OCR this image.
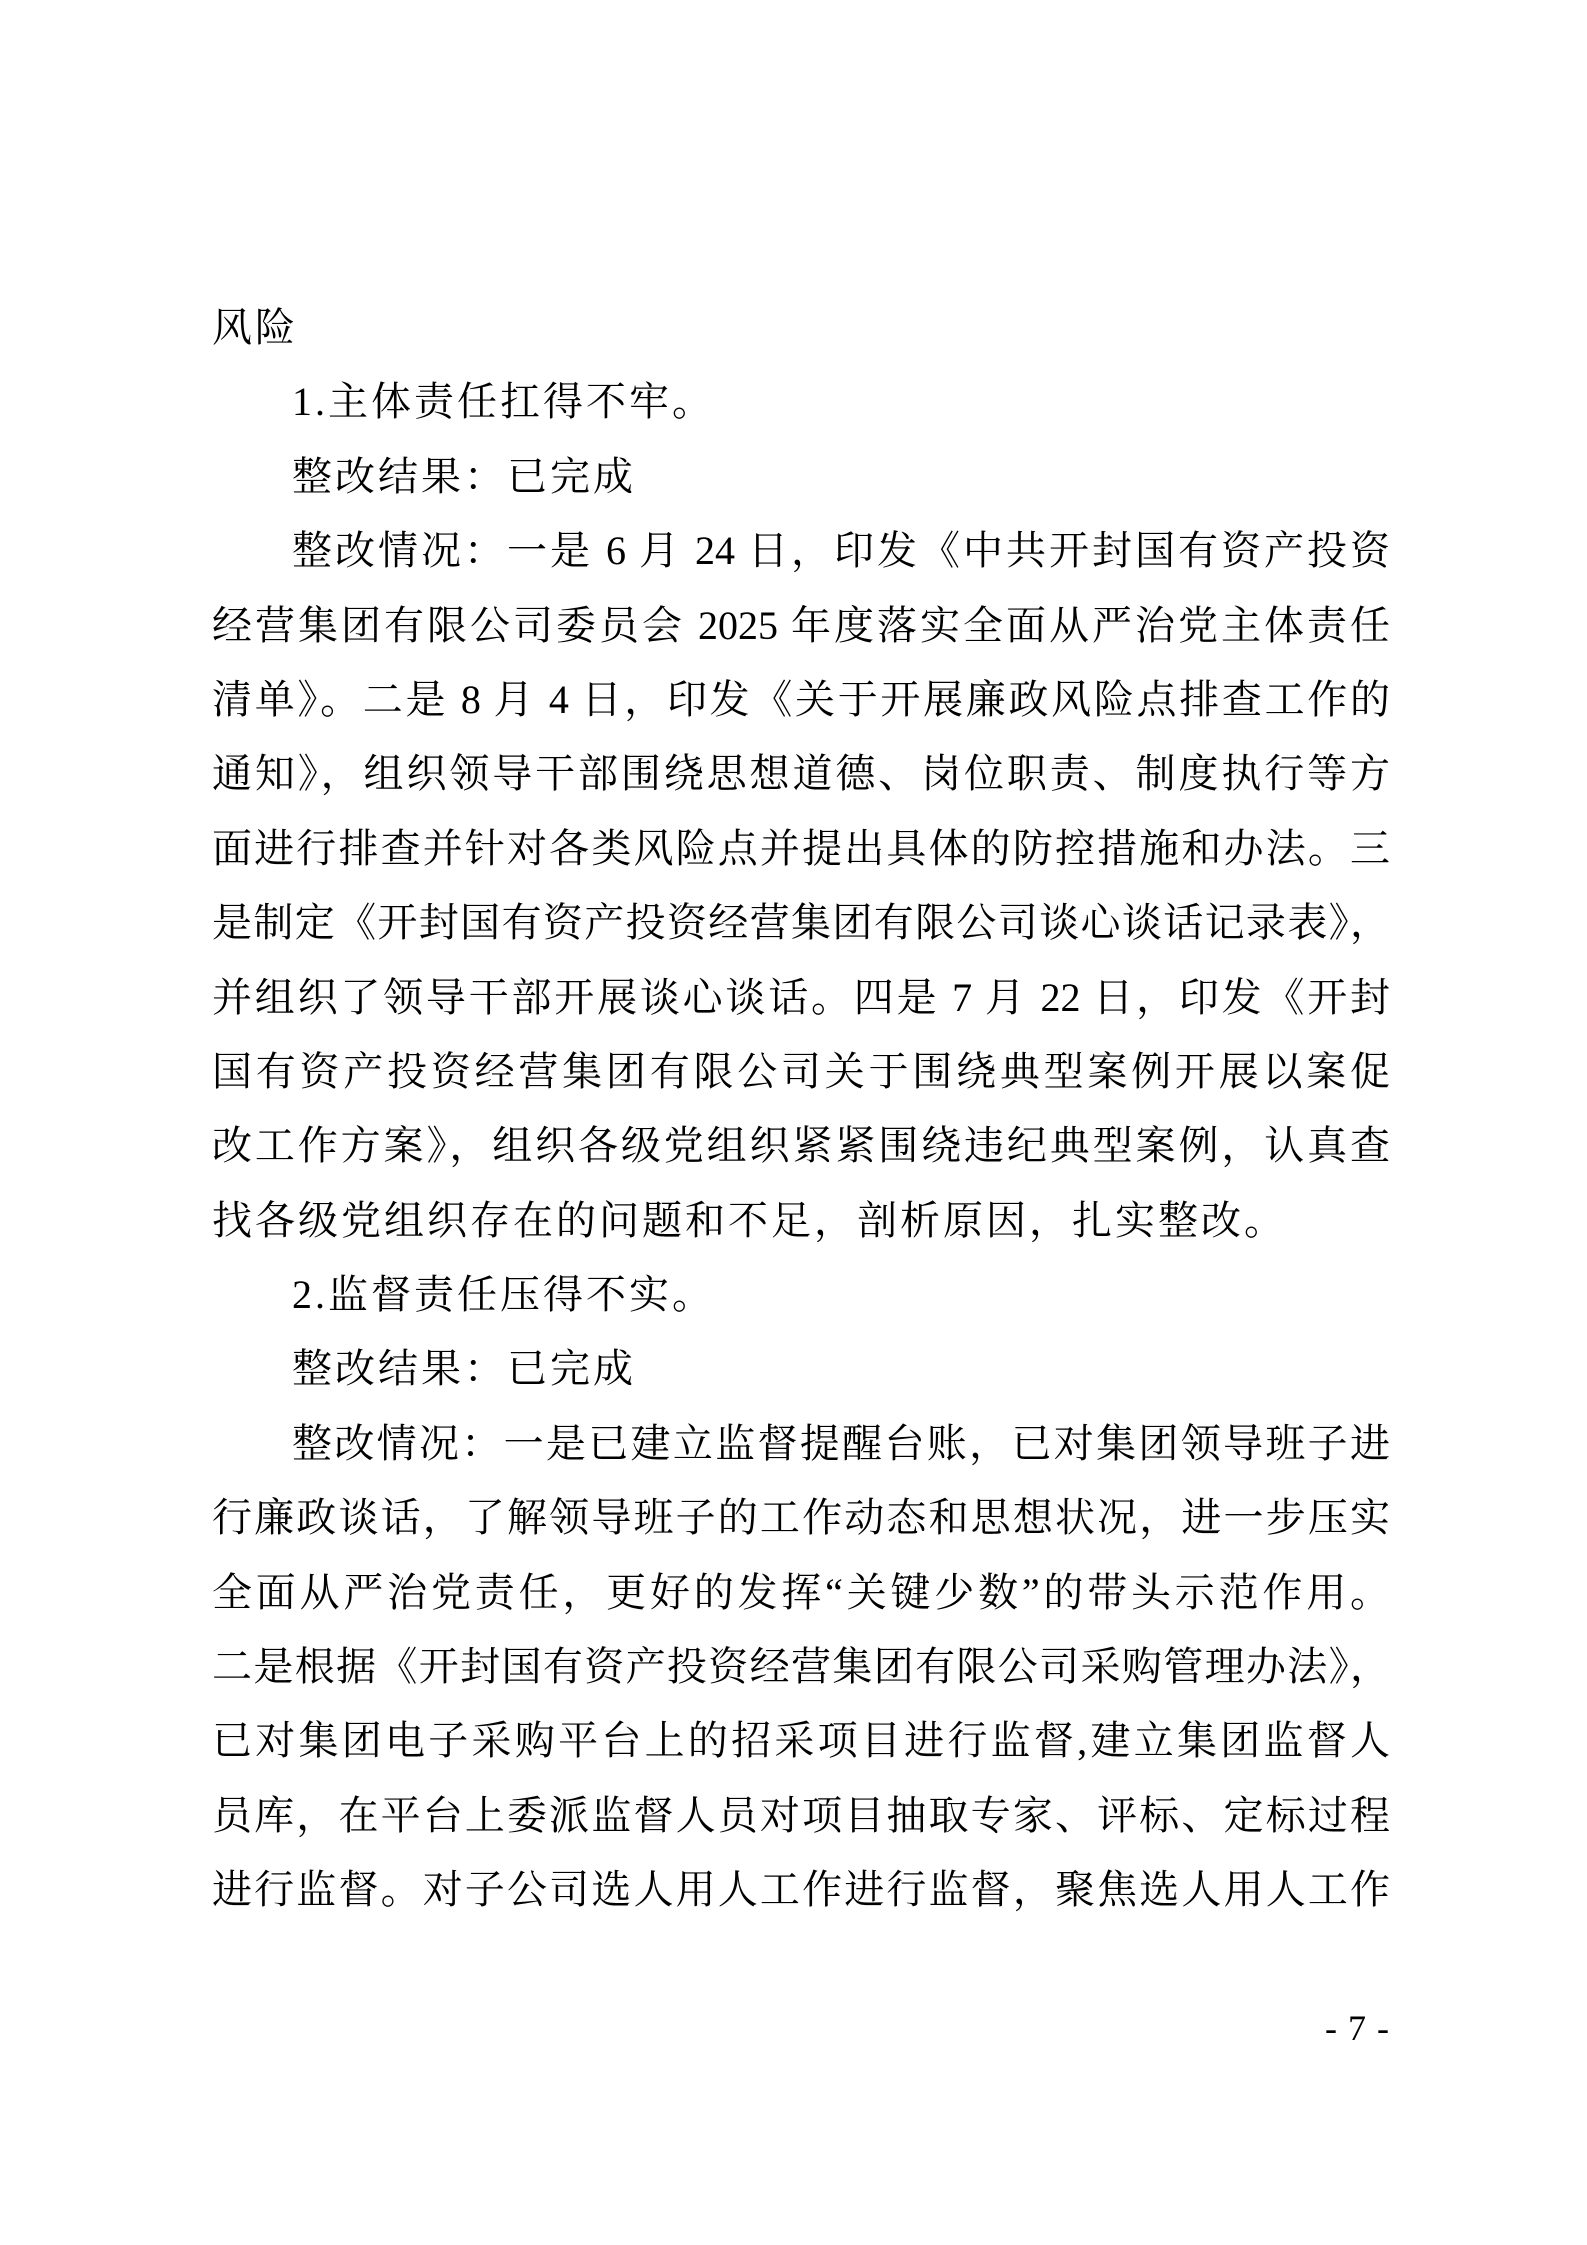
风险
1.主体责任扛得不牢。
整改结果：已完成
整改情况：一是 6 月 24 日，印发《中共开封国有资产投资
经营集团有限公司委员会 2025 年度落实全面从严治党主体责任
清单》。二是 8 月 4 日，印发《关于开展廉政风险点排查工作的
通知》，组织领导干部围绕思想道德、岗位职责、制度执行等方
面进行排查并针对各类风险点并提出具体的防控措施和办法。三
是制定《开封国有资产投资经营集团有限公司谈心谈话记录表》，
并组织了领导干部开展谈心谈话。四是 7 月 22 日，印发《开封
国有资产投资经营集团有限公司关于围绕典型案例开展以案促
改工作方案》，组织各级党组织紧紧围绕违纪典型案例，认真查
找各级党组织存在的问题和不足，剖析原因，扎实整改。
2.监督责任压得不实。
整改结果：已完成
整改情况：一是已建立监督提醒台账，已对集团领导班子进
行廉政谈话，了解领导班子的工作动态和思想状况，进一步压实
全面从严治党责任，更好的发挥“关键少数”的带头示范作用。
二是根据《开封国有资产投资经营集团有限公司采购管理办法》，
已对集团电子采购平台上的招采项目进行监督,建立集团监督人
员库，在平台上委派监督人员对项目抽取专家、评标、定标过程
进行监督。对子公司选人用人工作进行监督，聚焦选人用人工作
- 7 -
